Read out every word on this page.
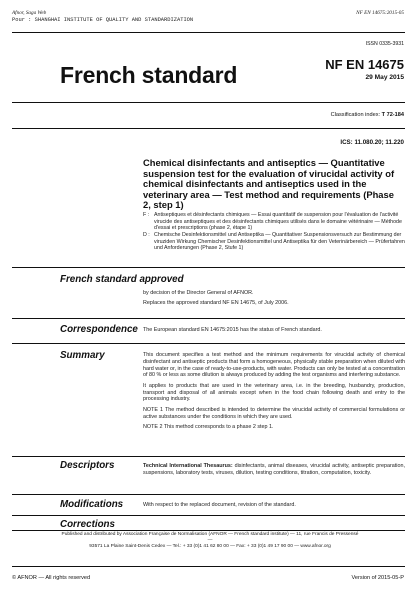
Afnor, Saga Web
Pour : SHANGHAI INSTITUTE OF QUALITY AND STANDARDIZATION
NF EN 14675:2015-05
ISSN 0335-3931
French standard	NF EN 14675
29 May 2015
Classification index: T 72-184
ICS: 11.080.20; 11.220
Chemical disinfectants and antiseptics — Quantitative suspension test for the evaluation of virucidal activity of chemical disinfectants and antiseptics used in the veterinary area — Test method and requirements (Phase 2, step 1)
F : Antiseptiques et désinfectants chimiques — Essai quantitatif de suspension pour l'évaluation de l'activité virucide des antiseptiques et des désinfectants chimiques utilisés dans le domaine vétérinaire — Méthode d'essai et prescriptions (phase 2, étape 1)
D : Chemische Desinfektionsmittel und Antiseptika — Quantitativer Suspensionsversuch zur Bestimmung der viruziden Wirkung Chemischer Desinfektionsmittel und Antiseptika für den Veterinärbereich — Prüfertahren und Anforderungen (Phase 2, Stufe 1)
French standard approved

by decision of the Director General of AFNOR.

Replaces the approved standard NF EN 14675, of July 2006.

Correspondence The European standard EN 14675:2015 has the status of French standard.

Summary	This document specifies a test method and the minimum requirements for virucidal activity of chemical disinfectant and antiseptic products that form a homogeneous, physically stable preparation when diluted with hard water or, in the case of ready-to-use-products, with water. Products can only be tested at a concentration of 80 % or less as some dilution is always produced by adding the test organisms and interfering substance.

It applies to products that are used in the veterinary area, i.e. in the breeding, husbandry, production, transport and disposal of all animals except when in the food chain following death and entry to the processing industry.

NOTE 1 The method described is intended to determine the virucidal activity of commercial formulations or active substances under the conditions in which they are used.

NOTE 2 This method corresponds to a phase 2 step 1.

Descriptors	Technical International Thesaurus: disinfectants, animal diseases, virucidal activity, antiseptic preparation, suspensions, laboratory tests, viruses, dilution, testing conditions, titration, computation, toxicity.

Modifications	With respect to the replaced document, revision of the standard.

Corrections
Published and distributed by Association Française de Normalisation (AFNOR — French standard institute) — 11, rue Francis de Pressensé —
93571 La Plaine Saint-Denis Cedex — Tel.: + 33 (0)1 41 62 80 00 — Fax: + 33 (0)1 49 17 90 00 — www.afnor.org
© AFNOR — All rights reserved	Version of 2015-05-P
